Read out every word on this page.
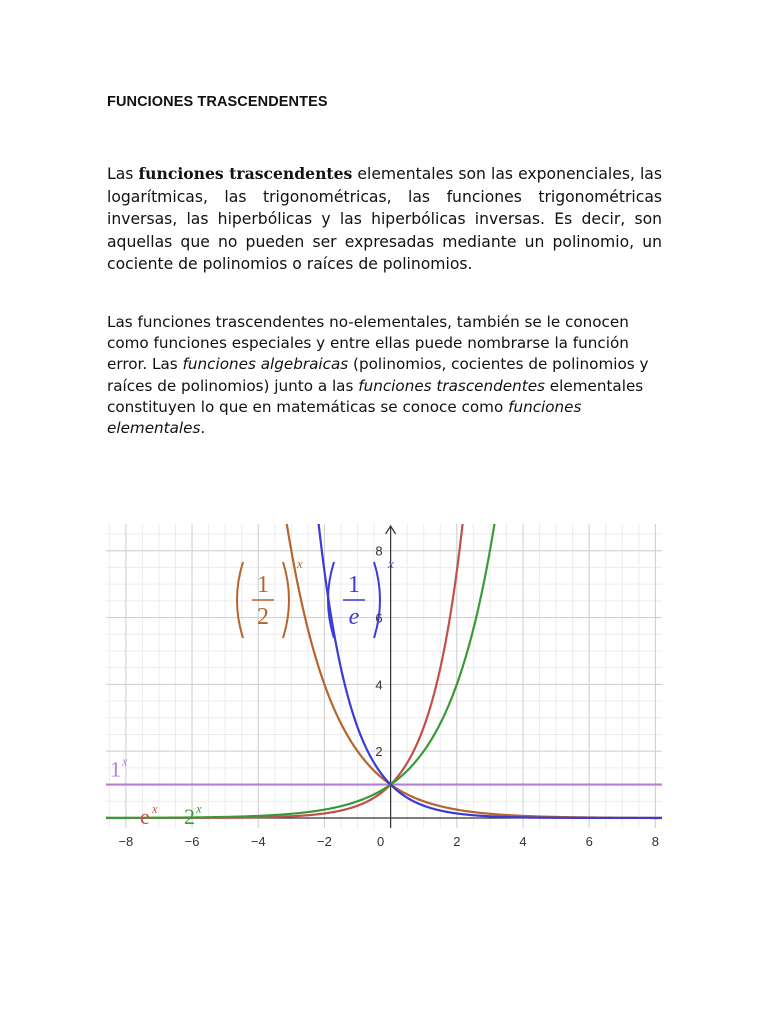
FUNCIONES TRASCENDENTES

Las funciones trascendentes elementales son las exponenciales, las logarítmicas, las trigonométricas, las funciones trigonométricas inversas, las hiperbólicas y las hiperbólicas inversas. Es decir, son aquellas que no pueden ser expresadas mediante un polinomio, un cociente de polinomios o raíces de polinomios.

Las funciones trascendentes no-elementales, también se le conocen como funciones especiales y entre ellas puede nombrarse la función error. Las funciones algebraicas (polinomios, cocientes de polinomios y raíces de polinomios) junto a las funciones trascendentes elementales constituyen lo que en matemáticas se conoce como funciones elementales.

−8	−6	−4	−2	0	2	4	6	8
2
4
6
8
1 x
e x 2 x
1
2
x
1
e
x
